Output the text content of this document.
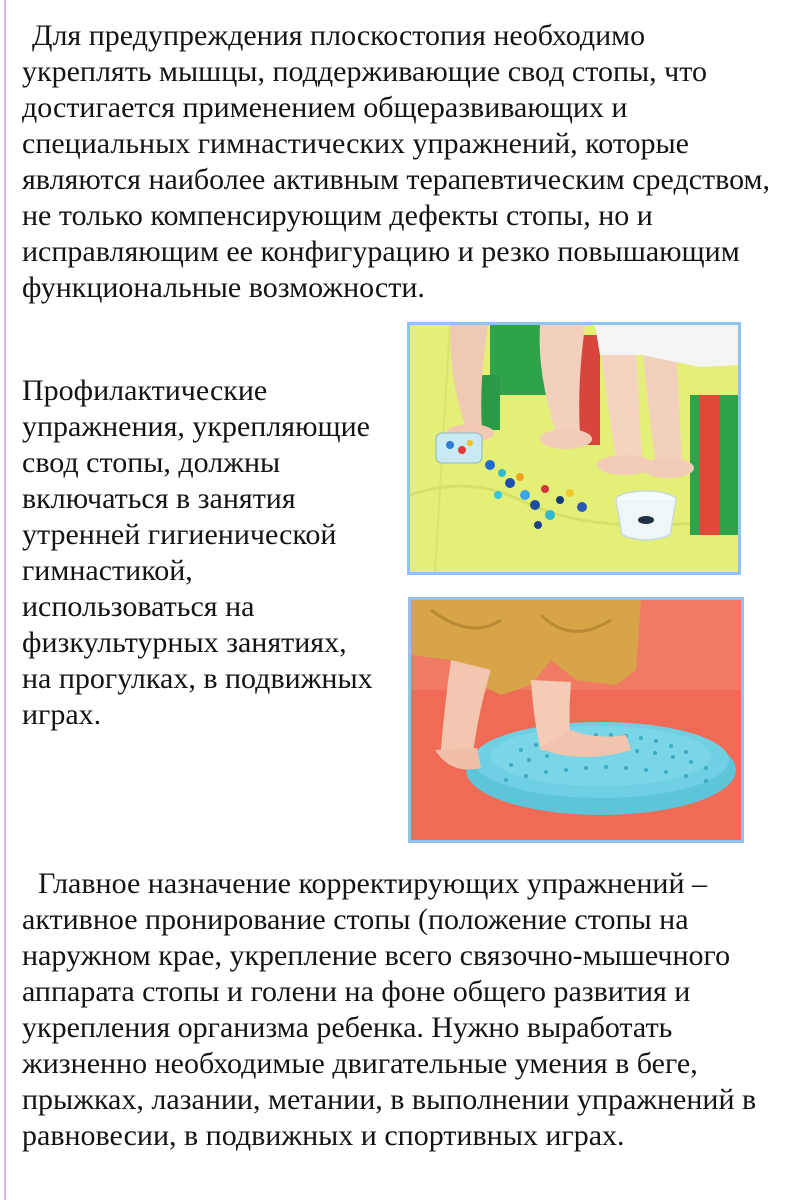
Для предупреждения плоскостопия необходимо укреплять мышцы, поддерживающие свод стопы, что достигается применением общеразвивающих и специальных гимнастических упражнений, которые являются наиболее активным терапевтическим средством, не только компенсирующим дефекты стопы, но и исправляющим ее конфигурацию и резко повышающим функциональные возможности.

Профилактические упражнения, укрепляющие свод стопы, должны включаться в занятия утренней гигиенической гимнастикой, использоваться на физкультурных занятиях, на прогулках, в подвижных играх.

Главное назначение корректирующих упражнений – активное пронирование стопы (положение стопы на наружном крае, укрепление всего связочно-мышечного аппарата стопы и голени на фоне общего развития и укрепления организма ребенка. Нужно выработать жизненно необходимые двигательные умения в беге, прыжках, лазании, метании, в выполнении упражнений в равновесии, в подвижных и спортивных играх.
